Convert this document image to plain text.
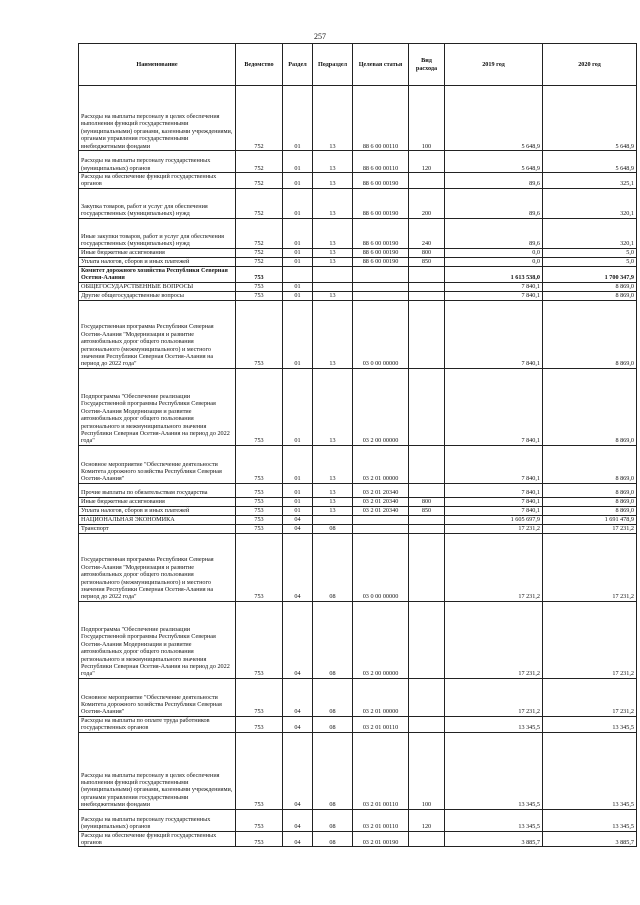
257
Наименование	Ведомство	Раздел	Подраздел	Целевая статья	Вид расхода	2019 год	2020 год
Расходы на выплаты персоналу в целях обеспечения выполнения функций государственными (муниципальными) органами, казенными учреждениями, органами управления государственными внебюджетными фондами	752	01	13	88 6 00 00110	100	5 648,9	5 648,9
Расходы на выплаты персоналу государственных (муниципальных) органов	752	01	13	88 6 00 00110	120	5 648,9	5 648,9
Расходы на обеспечение функций государственных органов	752	01	13	88 6 00 00190		89,6	325,1
Закупка товаров, работ и услуг для обеспечения государственных (муниципальных) нужд	752	01	13	88 6 00 00190	200	89,6	320,1
Иные закупки товаров, работ и услуг для обеспечения государственных (муниципальных) нужд	752	01	13	88 6 00 00190	240	89,6	320,1
Иные бюджетные ассигнования	752	01	13	88 6 00 00190	800	0,0	5,0
Уплата налогов, сборов и иных платежей	752	01	13	88 6 00 00190	850	0,0	5,0
Комитет дорожного хозяйства Республики Северная Осетия-Алания	753					1 613 538,0	1 700 347,9
ОБЩЕГОСУДАРСТВЕННЫЕ ВОПРОСЫ	753	01				7 840,1	8 869,0
Другие общегосударственные вопросы	753	01	13			7 840,1	8 869,0
Государственная программа Республики Северная Осетия-Алания "Модернизация и развитие автомобильных дорог общего пользования регионального (межмуниципального) и местного значения Республики Северная Осетия-Алания на период до 2022 года"	753	01	13	03 0 00 00000		7 840,1	8 869,0
Подпрограмма "Обеспечение реализации Государственной программы Республики Северная Осетия-Алания Модернизация и развитие автомобильных дорог общего пользования регионального и межмуниципального значения Республики Северная Осетия-Алания на период до 2022 года"	753	01	13	03 2 00 00000		7 840,1	8 869,0
Основное мероприятие "Обеспечение деятельности Комитета дорожного хозяйства Республики Северная Осетия-Алания"	753	01	13	03 2 01 00000		7 840,1	8 869,0
Прочие выплаты по обязательствам государства	753	01	13	03 2 01 20340		7 840,1	8 869,0
Иные бюджетные ассигнования	753	01	13	03 2 01 20340	800	7 840,1	8 869,0
Уплата налогов, сборов и иных платежей	753	01	13	03 2 01 20340	850	7 840,1	8 869,0
НАЦИОНАЛЬНАЯ ЭКОНОМИКА	753	04				1 605 697,9	1 691 478,9
Транспорт	753	04	08			17 231,2	17 231,2
Государственная программа Республики Северная Осетия-Алания "Модернизация и развитие автомобильных дорог общего пользования регионального (межмуниципального) и местного значения Республики Северная Осетия-Алания на период до 2022 года"	753	04	08	03 0 00 00000		17 231,2	17 231,2
Подпрограмма "Обеспечение реализации Государственной программы Республики Северная Осетия-Алания Модернизация и развитие автомобильных дорог общего пользования регионального и межмуниципального значения Республики Северная Осетия-Алания на период до 2022 года"	753	04	08	03 2 00 00000		17 231,2	17 231,2
Основное мероприятие "Обеспечение деятельности Комитета дорожного хозяйства Республики Северная Осетия-Алания"	753	04	08	03 2 01 00000		17 231,2	17 231,2
Расходы на выплаты по оплате труда работников государственных органов	753	04	08	03 2 01 00110		13 345,5	13 345,5
Расходы на выплаты персоналу в целях обеспечения выполнения функций государственными (муниципальными) органами, казенными учреждениями, органами управления государственными внебюджетными фондами	753	04	08	03 2 01 00110	100	13 345,5	13 345,5
Расходы на выплаты персоналу государственных (муниципальных) органов	753	04	08	03 2 01 00110	120	13 345,5	13 345,5
Расходы на обеспечение функций государственных органов	753	04	08	03 2 01 00190		3 885,7	3 885,7
